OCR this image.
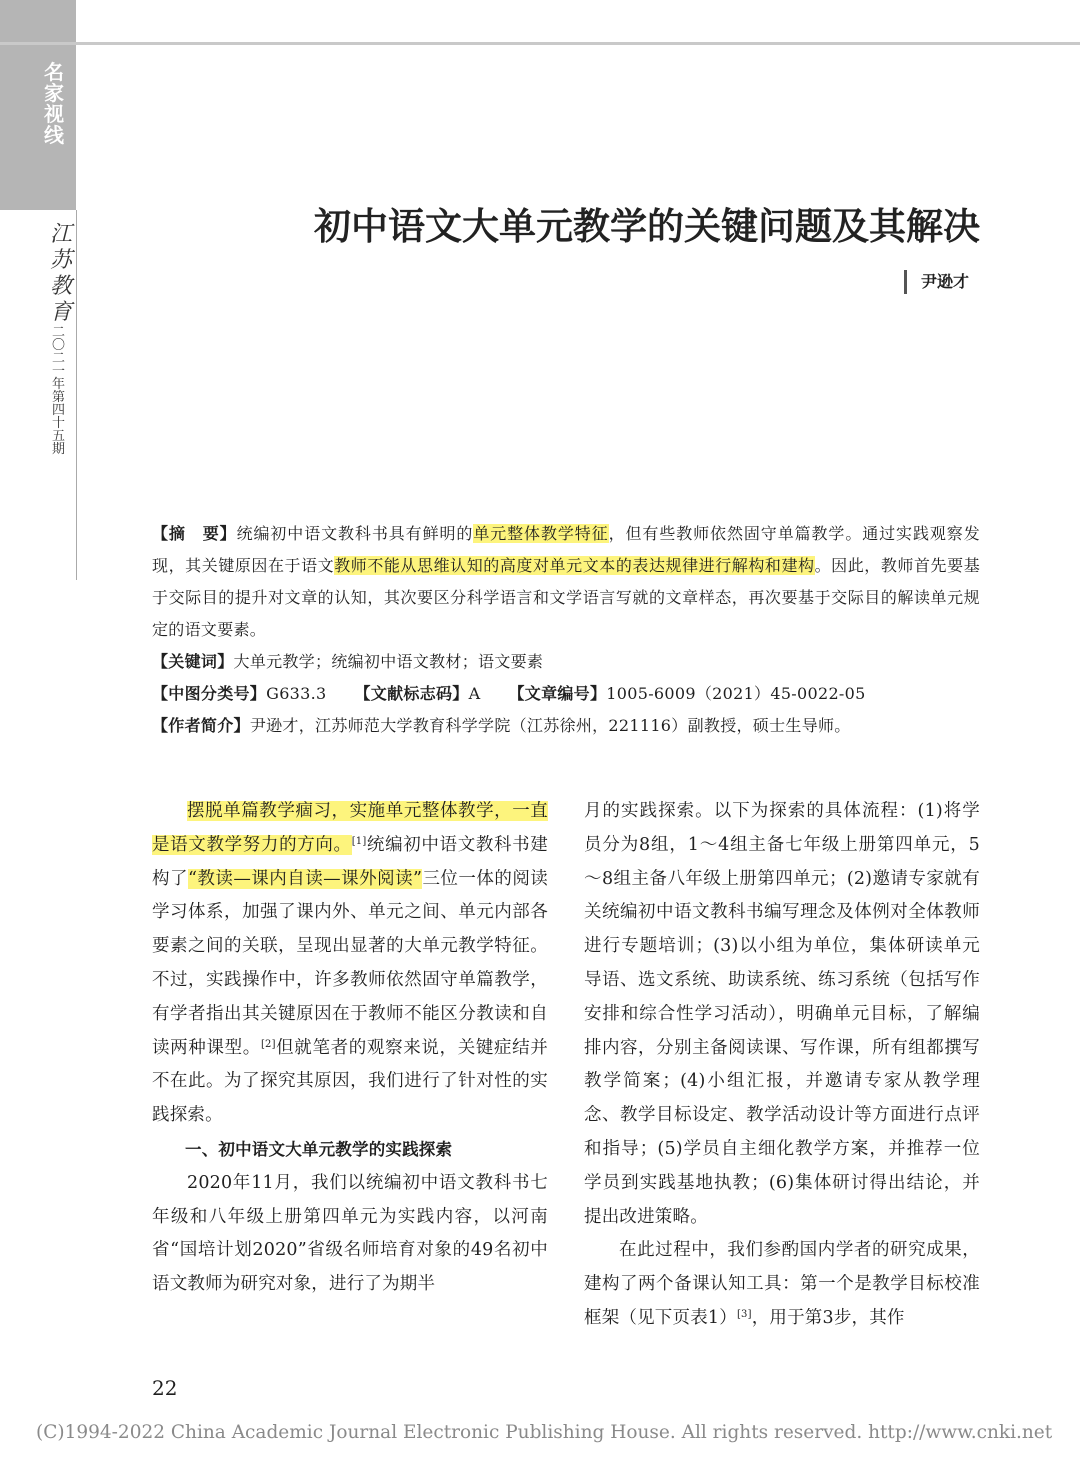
名家视线
江苏教育
二〇二一年第四十五期
初中语文大单元教学的关键问题及其解决
尹逊才

【摘　要】统编初中语文教科书具有鲜明的单元整体教学特征，但有些教师依然固守单篇教学。通过实践观察发现，其关键原因在于语文教师不能从思维认知的高度对单元文本的表达规律进行解构和建构。因此，教师首先要基于交际目的提升对文章的认知，其次要区分科学语言和文学语言写就的文章样态，再次要基于交际目的解读单元规定的语文要素。

【关键词】大单元教学；统编初中语文教材；语文要素

【中图分类号】G633.3 【文献标志码】A 【文章编号】1005-6009（2021）45-0022-05

【作者简介】尹逊才，江苏师范大学教育科学学院（江苏徐州，221116）副教授，硕士生导师。

摆脱单篇教学痼习，实施单元整体教学，一直是语文教学努力的方向。[1]统编初中语文教科书建构了“教读—课内自读—课外阅读”三位一体的阅读学习体系，加强了课内外、单元之间、单元内部各要素之间的关联，呈现出显著的大单元教学特征。不过，实践操作中，许多教师依然固守单篇教学，有学者指出其关键原因在于教师不能区分教读和自读两种课型。[2]但就笔者的观察来说，关键症结并不在此。为了探究其原因，我们进行了针对性的实践探索。

一、初中语文大单元教学的实践探索

2020年11月，我们以统编初中语文教科书七年级和八年级上册第四单元为实践内容，以河南省“国培计划2020”省级名师培育对象的49名初中语文教师为研究对象，进行了为期半

月的实践探索。以下为探索的具体流程：(1)将学员分为8组，1～4组主备七年级上册第四单元，5～8组主备八年级上册第四单元；(2)邀请专家就有关统编初中语文教科书编写理念及体例对全体教师进行专题培训；(3)以小组为单位，集体研读单元导语、选文系统、助读系统、练习系统（包括写作安排和综合性学习活动），明确单元目标，了解编排内容，分别主备阅读课、写作课，所有组都撰写教学简案；(4)小组汇报，并邀请专家从教学理念、教学目标设定、教学活动设计等方面进行点评和指导；(5)学员自主细化教学方案，并推荐一位学员到实践基地执教；(6)集体研讨得出结论，并提出改进策略。

在此过程中，我们参酌国内学者的研究成果，建构了两个备课认知工具：第一个是教学目标校准框架（见下页表1）[3]，用于第3步，其作

22
(C)1994-2022 China Academic Journal Electronic Publishing House. All rights reserved. http://www.cnki.net
